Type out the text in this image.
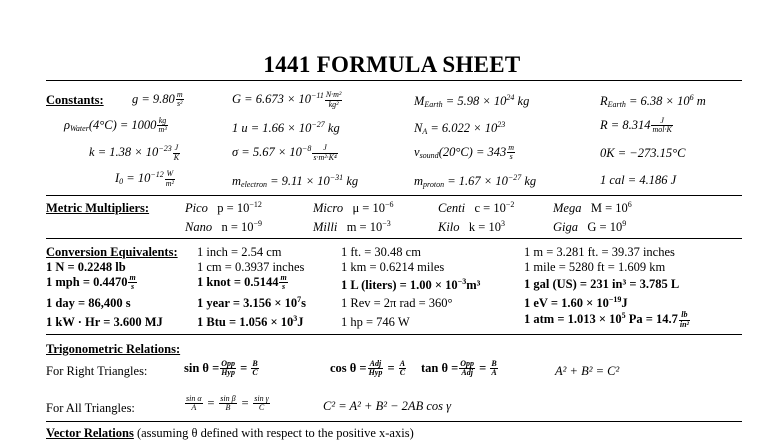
1441 FORMULA SHEET
Constants: $g = 9.80 \frac{m}{\text{s²}}$	$G = 6.673 \times 10^{-11} \frac{\text{N·m²}}{\text{kg²}}$	$M_{Earth} = 5.98 \times 10^{24}$ kg	$R_{Earth} = 6.38 \times 10^6$ m
$\rho_{Water}(4^\circ C) = 1000 \frac{kg}{\text{m³}}$	1 $u = 1.66 \times 10^{-27}$ kg	$N_A = 6.022 \times 10^{23}$	$R = 8.314 \frac{J}{\text{mol·K}}$
$k = 1.38 \times 10^{-23} \frac{J}{K}$	$\sigma = 5.67 \times 10^{-8} \frac{J}{\text{s·m²·K⁴}}$	$v_{sound}(20^\circ C) = 343 \frac{m}{s}$	0K = −273.15°C
$I_0 = 10^{-12} \frac{W}{\text{m²}}$	$m_{electron} = 9.11 \times 10^{-31}$ kg	$m_{proton} = 1.67 \times 10^{-27}$ kg	1 cal = 4.186 J
Metric Multipliers:	Pico $p = 10^{-12}$	Micro $\mu = 10^{-6}$	Centi $c = 10^{-2}$	Mega $M = 10^6$
Nano $n = 10^{-9}$	Milli $m = 10^{-3}$	Kilo $k = 10^3$	Giga $G = 10^9$
Conversion Equivalents: 1 inch = 2.54 cm	1 ft. = 30.48 cm	1 m = 3.281 ft. = 39.37 inches
1 N = 0.2248 lb	1 cm = 0.3937 inches	1 km = 0.6214 miles	1 mile = 5280 ft = 1.609 km
1 mph = $0.4470 \frac{m}{s}$	1 knot = $0.5144 \frac{m}{s}$	1 L (liters) = $1.00 \times 10^{-3}m^3$	1 gal (US) = 231 in³ = 3.785 L
1 day = 86,400 s	1 year = $3.156 \times 10^7s$	1 Rev = 2π rad = 360°	1 eV = $1.60 \times 10^{-19}J$
1 kW · Hr = 3.600 MJ	1 Btu = $1.056 \times 10^3J$	1 hp = 746 W	1 atm = $1.013 \times 10^5$ $Pa = 14.7 \frac{lb}{\text{in²}}$
Trigonometric Relations:
For Right Triangles:	$\sin \theta = \frac{\text{Opp}}{\text{Hyp}} = \frac{B}{C}$	$\cos \theta = \frac{\text{Adj}}{\text{Hyp}} = \frac{A}{C}$ $\tan \theta = \frac{\text{Opp}}{\text{Adj}} = \frac{B}{A}$	A² + B² = C²
For All Triangles:	$\frac{\text{sin α}}{A} = \frac{\text{sin β}}{B} = \frac{\text{sin γ}}{C}$	C² = A² + B² − 2AB cos γ
Vector Relations (assuming θ defined with respect to the positive x-axis)
